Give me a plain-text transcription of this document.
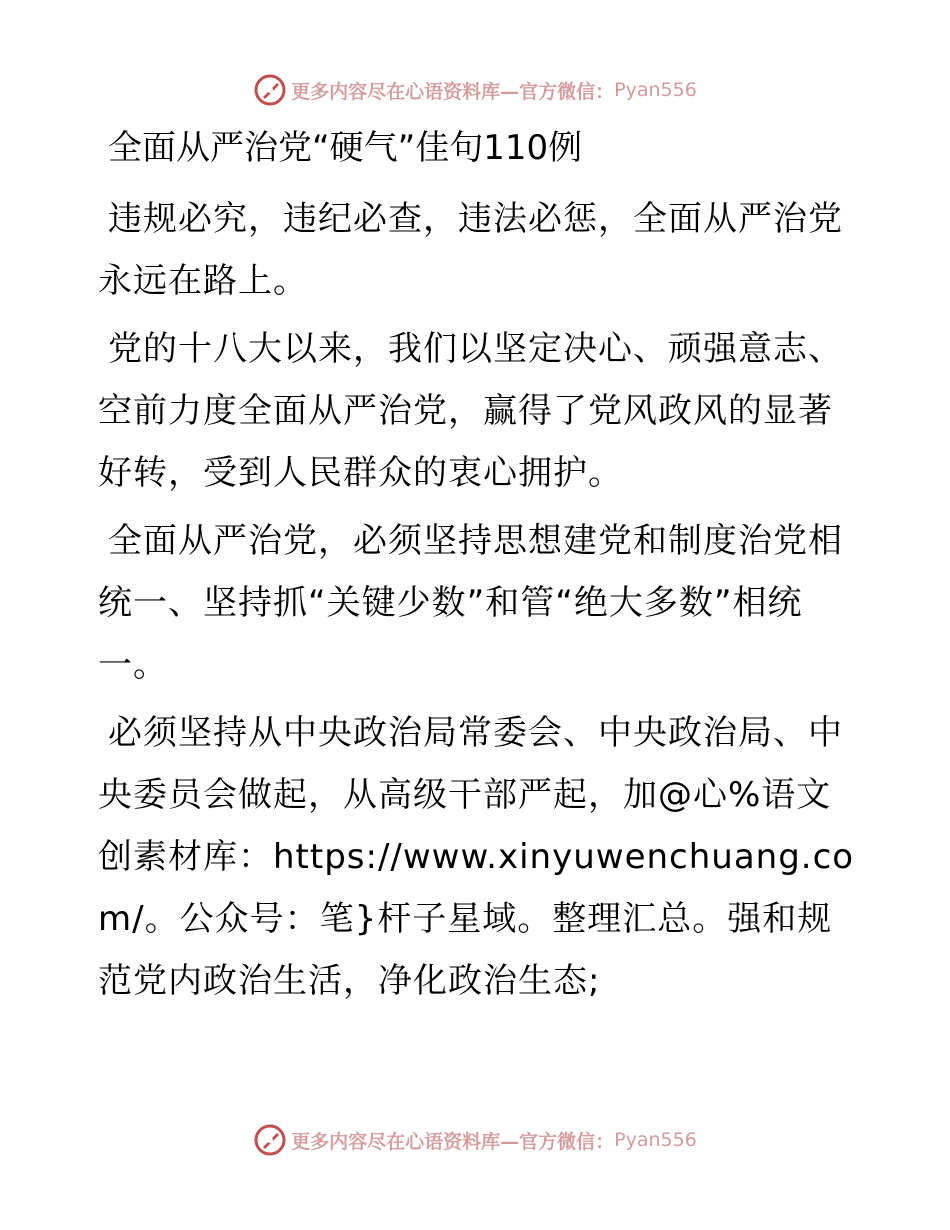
更多内容尽在心语资料库—官方微信： Pyan556
全面从严治党“硬气”佳句110例

违规必究，违纪必查，违法必惩，全面从严治党永远在路上。

党的十八大以来，我们以坚定决心、顽强意志、空前力度全面从严治党，赢得了党风政风的显著好转，受到人民群众的衷心拥护。

全面从严治党，必须坚持思想建党和制度治党相统一、坚持抓“关键少数”和管“绝大多数”相统一。

必须坚持从中央政治局常委会、中央政治局、中央委员会做起，从高级干部严起，加@心%语文创素材库：https://www.xinyuwenchuang.com/。公众号：笔}杆子星域。整理汇总。强和规范党内政治生活，净化政治生态;

更多内容尽在心语资料库—官方微信： Pyan556
